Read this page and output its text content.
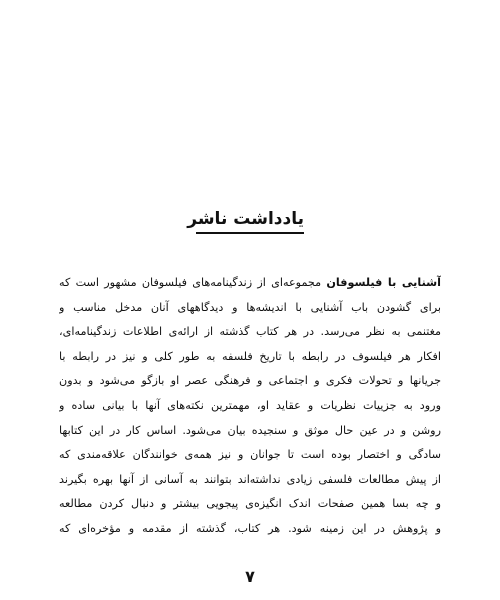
یادداشت ناشر
آشنایی با فیلسوفان مجموعه‌ای از زندگینامه‌های فیلسوفان مشهور است که
برای گشودن باب آشنایی با اندیشه‌ها و دیدگاههای آنان مدخل مناسب و
مغتنمی به نظر می‌رسد. در هر کتاب گذشته از ارائه‌ی اطلاعات زندگینامه‌ای،
افکار هر فیلسوف در رابطه با تاریخ فلسفه به طور کلی و نیز در رابطه با
جریانها و تحولات فکری و اجتماعی و فرهنگی عصر او بازگو می‌شود و بدون
ورود به جزییات نظریات و عقاید او، مهمترین نکته‌های آنها با بیانی ساده و
روشن و در عین حال موثق و سنجیده بیان می‌شود. اساس کار در این کتابها
سادگی و اختصار بوده است تا جوانان و نیز همه‌ی خوانندگان علاقه‌مندی که
از پیش مطالعات فلسفی زیادی نداشته‌اند بتوانند به آسانی از آنها بهره بگیرند
و چه بسا همین صفحات اندک انگیزه‌ی پیجویی بیشتر و دنبال کردن مطالعه
و پژوهش در این زمینه شود. هر کتاب، گذشته از مقدمه و مؤخره‌ای که
۷
